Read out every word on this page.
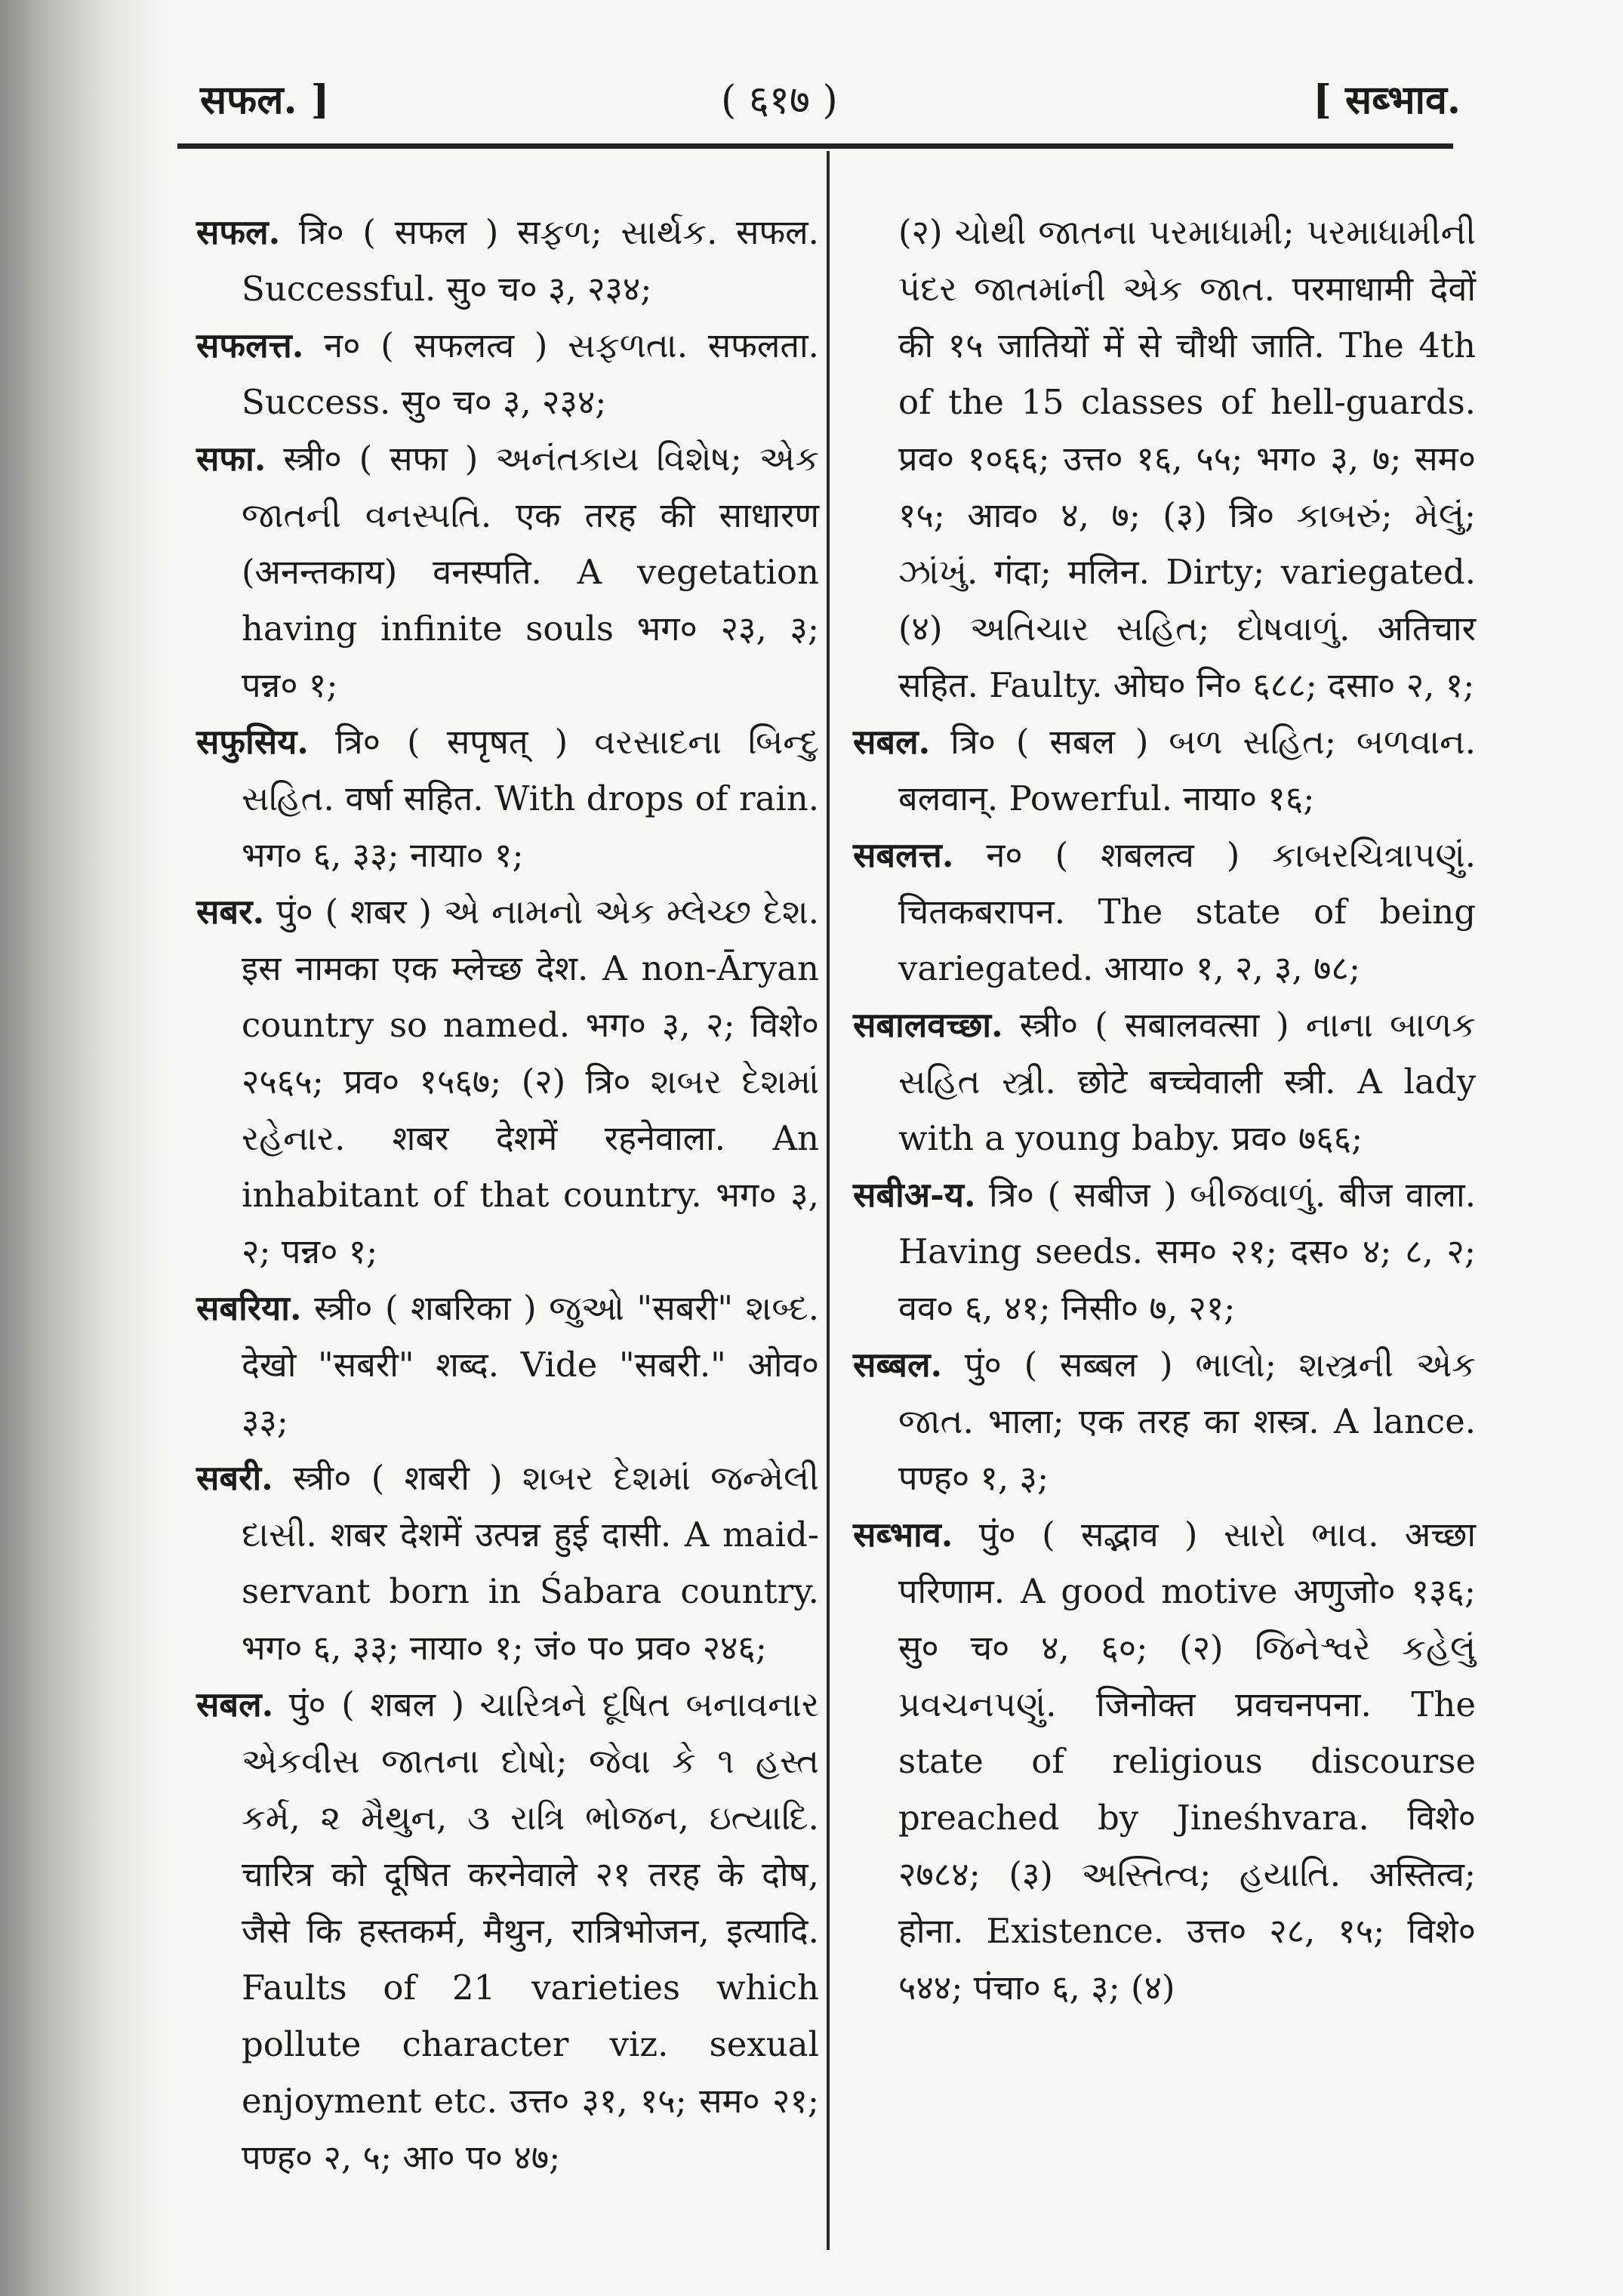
सफल. ]	( ६१७ )	[ सब्भाव.

सफल. त्रि० ( सफल ) सફળ; સાર્થક. सफल. Successful. सु० च० ३, २३४;

सफलत्त. न० ( सफलत्व ) સફળતા. सफलता. Success. सु० च० ३, २३४;

सफा. स्त्री० ( सफा ) અનંતકાય વિશેષ; એક જાતની વનસ્પતિ. एक तरह की साधारण (अनन्तकाय) वनस्पति. A vegetation having infinite souls भग० २३, ३; पन्न० १;

सफुसिय. त्रि० ( सपृषत् ) વરસાદના બિન્દુ સહિત. वर्षा सहित. With drops of rain. भग० ६, ३३; नाया० १;

सबर. पुं० ( शबर ) એ નામનો એક મ્લેચ્છ દેશ. इस नामका एक म्लेच्छ देश. A non-Āryan country so named. भग० ३, २; विशे० २५६५; प्रव० १५६७; (२) त्रि० શબર દેશમાં રહેનાર. शबर देशमें रहनेवाला. An inhabitant of that country. भग० ३, २; पन्न० १;

सबरिया. स्त्री० ( शबरिका ) જુઓ "सबरी" શબ્દ. देखो "सबरी" शब्द. Vide "सबरी." ओव० ३३;

सबरी. स्त्री० ( शबरी ) શબર દેશમાં જન્મેલી દાસી. शबर देशमें उत्पन्न हुई दासी. A maid-servant born in Śabara country. भग० ६, ३३; नाया० १; जं० प० प्रव० २४६;

सबल. पुं० ( शबल ) ચારિત્રને દૂષિત બનાવનાર એકવીસ જાતના દોષો; જેવા કે ૧ હસ્ત કર્મ, ૨ મૈથુન, ૩ રાત્રિ ભોજન, ઇત્યાદિ. चारित्र को दूषित करनेवाले २१ तरह के दोष, जैसे कि हस्तकर्म, मैथुन, रात्रिभोजन, इत्यादि. Faults of 21 varieties which pollute character viz. sexual enjoyment etc. उत्त० ३१, १५; सम० २१; पण्ह० २, ५; आ० प० ४७;

(२) ચોથી જાતના પરમાધામી; પરમાધામીની પંદર જાતમાંની એક જાત. परमाधामी देवों की १५ जातियों में से चौथी जाति. The 4th of the 15 classes of hell-guards. प्रव० १०६६; उत्त० १६, ५५; भग० ३, ७; सम० १५; आव० ४, ७; (३) त्रि० કાબરું; મેલું; ઝાંખું. गंदा; मलिन. Dirty; variegated. (४) અતિચાર સહિત; દોષવાળું. अतिचार सहित. Faulty. ओघ० नि० ६८८; दसा० २, १;

सबल. त्रि० ( सबल ) બળ સહિત; બળવાન. बलवान्. Powerful. नाया० १६;

सबलत्त. न० ( शबलत्व ) કાબરચિત્રાપણું. चितकबरापन. The state of being variegated. आया० १, २, ३, ७८;

सबालवच्छा. स्त्री० ( सबालवत्सा ) નાના બાળક સહિત સ્ત્રી. छोटे बच्चेवाली स्त्री. A lady with a young baby. प्रव० ७६६;

सबीअ-य. त्रि० ( सबीज ) બીજવાળું. बीज वाला. Having seeds. सम० २१; दस० ४; ८, २; वव० ६, ४१; निसी० ७, २१;

सब्बल. पुं० ( सब्बल ) ભાલો; શસ્ત્રની એક જાત. भाला; एक तरह का शस्त्र. A lance. पण्ह० १, ३;

सब्भाव. पुं० ( सद्भाव ) સારો ભાવ. अच्छा परिणाम. A good motive अणुजो० १३६; सु० च० ४, ६०; (२) જિનેશ્વરે કહેલું પ્રવચનપણું. जिनोक्त प्रवचनपना. The state of religious discourse preached by Jineśhvara. विशे० २७८४; (३) અસ્તિત્વ; હયાતિ. अस्तित्व; होना. Existence. उत्त० २८, १५; विशे० ५४४; पंचा० ६, ३; (४)
